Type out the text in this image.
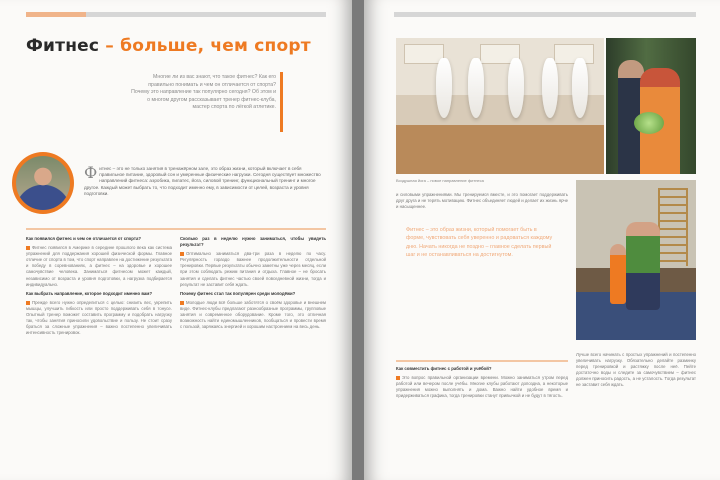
Фитнес – больше, чем спорт
Многие ли из вас знают, что такое фитнес? Как его правильно понимать и чем он отличается от спорта? Почему это направление так популярно сегодня? Об этом и о многом другом рассказывает тренер фитнес-клуба, мастер спорта по лёгкой атлетике.
Ф итнес – это не только занятия в тренажёрном зале, это образ жизни, который включает в себя правильное питание, здоровый сон и умеренные физические нагрузки. Сегодня существует множество направлений фитнеса: аэробика, пилатес, йога, силовой тренинг, функциональный тренинг и многое другое. Каждый может выбрать то, что подходит именно ему, в зависимости от целей, возраста и уровня подготовки.

Как появился фитнес и чем он отличается от спорта?

Фитнес появился в Америке в середине прошлого века как система упражнений для поддержания хорошей физической формы. Главное отличие от спорта в том, что спорт направлен на достижение результата и победу в соревнованиях, а фитнес – на здоровье и хорошее самочувствие человека. Заниматься фитнесом может каждый, независимо от возраста и уровня подготовки, а нагрузка подбирается индивидуально.

Как выбрать направление, которое подходит именно вам?

Прежде всего нужно определиться с целью: снизить вес, укрепить мышцы, улучшить гибкость или просто поддерживать себя в тонусе. Опытный тренер поможет составить программу и подобрать нагрузку так, чтобы занятия приносили удовольствие и пользу. Не стоит сразу браться за сложные упражнения – важно постепенно увеличивать интенсивность тренировок.

Сколько раз в неделю нужно заниматься, чтобы увидеть результат?

Оптимально заниматься два-три раза в неделю по часу. Регулярность гораздо важнее продолжительности отдельной тренировки. Первые результаты обычно заметны уже через месяц, если при этом соблюдать режим питания и отдыха. Главное – не бросать занятия и сделать фитнес частью своей повседневной жизни, тогда и результат не заставит себя ждать.

Почему фитнес стал так популярен среди молодёжи?

Молодые люди всё больше заботятся о своём здоровье и внешнем виде. Фитнес-клубы предлагают разнообразные программы, групповые занятия и современное оборудование. Кроме того, это отличная возможность найти единомышленников, пообщаться и провести время с пользой, заряжаясь энергией и хорошим настроением на весь день.

Воздушная йога – новое направление фитнеса
и силовыми упражнениями. Мы тренируемся вместе, и это помогает поддерживать друг друга и не терять мотивацию. Фитнес объединяет людей и делает их жизнь ярче и насыщеннее.
Фитнес – это образ жизни, который помогает быть в форме, чувствовать себя уверенно и радоваться каждому дню. Начать никогда не поздно – главное сделать первый шаг и не останавливаться на достигнутом.

Как совместить фитнес с работой и учёбой?

Это вопрос правильной организации времени. Можно заниматься утром перед работой или вечером после учёбы. Многие клубы работают допоздна, а некоторые упражнения можно выполнять и дома. Важно найти удобное время и придерживаться графика, тогда тренировки станут привычкой и не будут в тягость.

Лучше всего начинать с простых упражнений и постепенно увеличивать нагрузку. Обязательно делайте разминку перед тренировкой и растяжку после неё. Пейте достаточно воды и следите за самочувствием – фитнес должен приносить радость, а не усталость. Тогда результат не заставит себя ждать.
